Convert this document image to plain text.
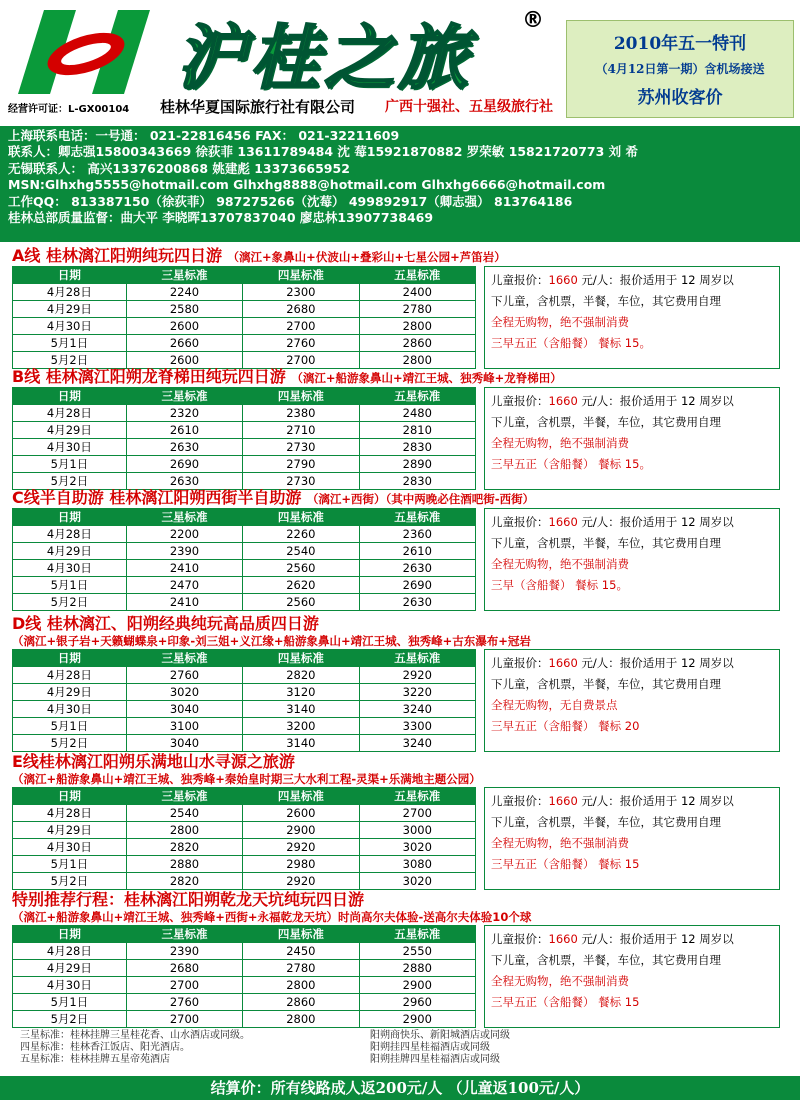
沪桂之旅 ®
经营许可证：L-GX00104 桂林华夏国际旅行社有限公司 广西十强社、五星级旅行社
2010年五一特刊
（4月12日第一期）含机场接送
苏州收客价
上海联系电话：一号通： 021-22816456 FAX： 021-32211609
联系人：卿志强15800343669 徐荻菲 13611789484 沈 莓15921870882 罗荣敏 15821720773 刘 希
无锡联系人： 高兴13376200868 姚建彪 13373665952
MSN:Glhxhg5555@hotmail.com Glhxhg8888@hotmail.com Glhxhg6666@hotmail.com
工作QQ： 813387150（徐荻菲） 987275266（沈莓） 499892917（卿志强） 813764186
桂林总部质量监督：曲大平 李晓晖13707837040 廖忠林13907738469
A线 桂林漓江阳朔纯玩四日游 （漓江+象鼻山+伏波山+叠彩山+七星公园+芦笛岩）
日期	三星标准	四星标准	五星标准
4月28日	2240	2300	2400
4月29日	2580	2680	2780
4月30日	2600	2700	2800
5月1日	2660	2760	2860
5月2日	2600	2700	2800
儿童报价：1660 元/人：报价适用于 12 周岁以
下儿童，含机票，半餐，车位，其它费用自理
全程无购物，绝不强制消费
三早五正（含船餐） 餐标 15。
B线 桂林漓江阳朔龙脊梯田纯玩四日游 （漓江+船游象鼻山+靖江王城、独秀峰+龙脊梯田）
日期	三星标准	四星标准	五星标准
4月28日	2320	2380	2480
4月29日	2610	2710	2810
4月30日	2630	2730	2830
5月1日	2690	2790	2890
5月2日	2630	2730	2830
儿童报价：1660 元/人：报价适用于 12 周岁以
下儿童，含机票，半餐，车位，其它费用自理
全程无购物，绝不强制消费
三早五正（含船餐） 餐标 15。
C线半自助游 桂林漓江阳朔西街半自助游 （漓江+西街）（其中两晚必住酒吧街-西街）
日期	三星标准	四星标准	五星标准
4月28日	2200	2260	2360
4月29日	2390	2540	2610
4月30日	2410	2560	2630
5月1日	2470	2620	2690
5月2日	2410	2560	2630
儿童报价：1660 元/人：报价适用于 12 周岁以
下儿童，含机票，半餐，车位，其它费用自理
全程无购物，绝不强制消费
三早（含船餐） 餐标 15。
D线 桂林漓江、阳朔经典纯玩高品质四日游
（漓江+银子岩+天籁蝴蝶泉+印象-刘三姐+义江缘+船游象鼻山+靖江王城、独秀峰+古东瀑布+冠岩
日期	三星标准	四星标准	五星标准
4月28日	2760	2820	2920
4月29日	3020	3120	3220
4月30日	3040	3140	3240
5月1日	3100	3200	3300
5月2日	3040	3140	3240
儿童报价：1660 元/人：报价适用于 12 周岁以
下儿童，含机票，半餐，车位，其它费用自理
全程无购物，无自费景点
三早五正（含船餐） 餐标 20
E线桂林漓江阳朔乐满地山水寻源之旅游
（漓江+船游象鼻山+靖江王城、独秀峰+秦始皇时期三大水利工程-灵渠+乐满地主题公园）
日期	三星标准	四星标准	五星标准
4月28日	2540	2600	2700
4月29日	2800	2900	3000
4月30日	2820	2920	3020
5月1日	2880	2980	3080
5月2日	2820	2920	3020
儿童报价：1660 元/人：报价适用于 12 周岁以
下儿童，含机票，半餐，车位，其它费用自理
全程无购物，绝不强制消费
三早五正（含船餐） 餐标 15
特别推荐行程：桂林漓江阳朔乾龙天坑纯玩四日游
（漓江+船游象鼻山+靖江王城、独秀峰+西街+永福乾龙天坑）时尚高尔夫体验-送高尔夫体验10个球
日期	三星标准	四星标准	五星标准
4月28日	2390	2450	2550
4月29日	2680	2780	2880
4月30日	2700	2800	2900
5月1日	2760	2860	2960
5月2日	2700	2800	2900
儿童报价：1660 元/人：报价适用于 12 周岁以
下儿童，含机票，半餐，车位，其它费用自理
全程无购物，绝不强制消费
三早五正（含船餐） 餐标 15
三星标准：桂林挂牌三星桂花香、山水酒店或同级。
四星标准：桂林香江饭店、阳光酒店。
五星标准：桂林挂牌五星帝苑酒店
阳朔商快乐、新阳城酒店或同级
阳朔挂四星桂福酒店或同级
阳朔挂牌四星桂福酒店或同级
结算价：所有线路成人返200元/人 （儿童返100元/人）
